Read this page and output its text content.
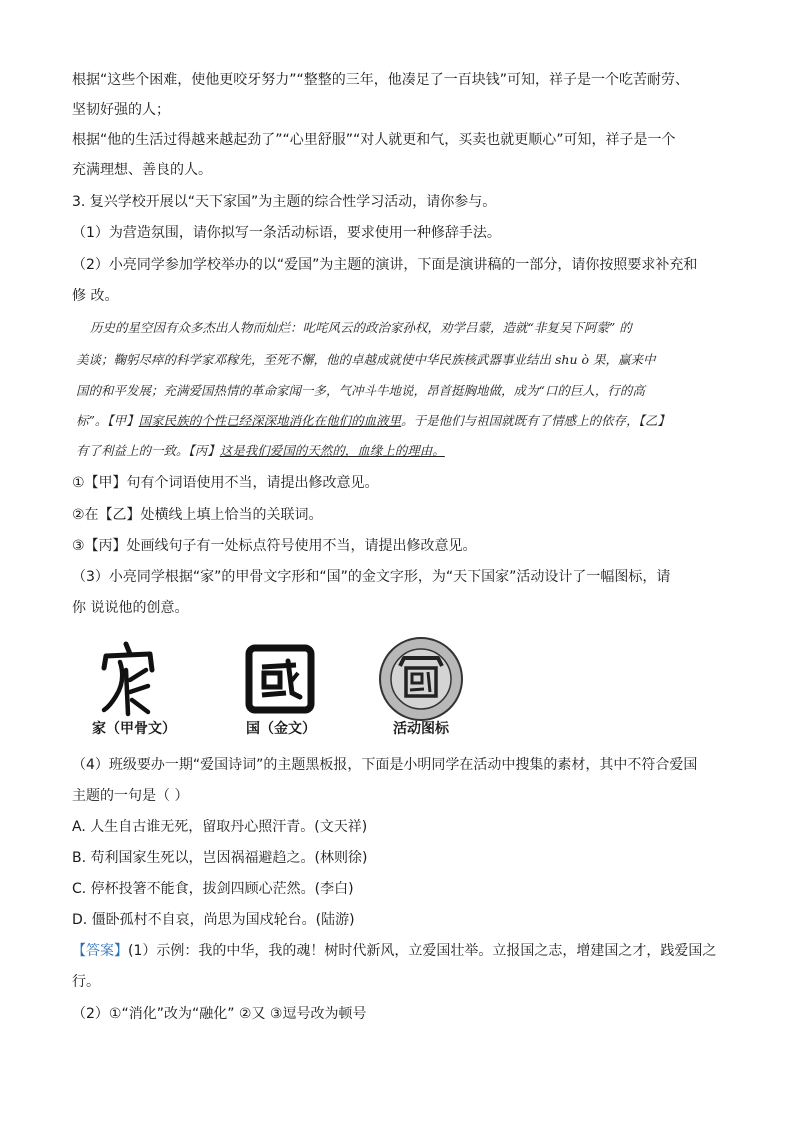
根据“这些个困难，使他更咬牙努力”“整整的三年，他凑足了一百块钱”可知，祥子是一个吃苦耐劳、
坚韧好强的人；
根据“他的生活过得越来越起劲了”“心里舒服”“对人就更和气，买卖也就更顺心”可知，祥子是一个
充满理想、善良的人。
3. 复兴学校开展以“天下家国”为主题的综合性学习活动，请你参与。
（1）为营造氛围，请你拟写一条活动标语，要求使用一种修辞手法。
（2）小亮同学参加学校举办的以“爱国”为主题的演讲，下面是演讲稿的一部分，请你按照要求补充和
修 改。
历史的星空因有众多杰出人物而灿烂：叱咤风云的政治家孙权，劝学吕蒙，造就“非复吴下阿蒙” 的
美谈；鞠躬尽瘁的科学家邓稼先，至死不懈，他的卓越成就使中华民族核武器事业结出 shu ò 果，赢来中
国的和平发展；充满爱国热情的革命家闻一多，气冲斗牛地说，昂首挺胸地做，成为“口的巨人，行的高
标”。【甲】国家民族的个性已经深深地消化在他们的血液里。于是他们与祖国就既有了情感上的依存，【乙】
有了利益上的一致。【丙】这是我们爱国的天然的，血缘上的理由。
①【甲】句有个词语使用不当，请提出修改意见。
②在【乙】处横线上填上恰当的关联词。
③【丙】处画线句子有一处标点符号使用不当，请提出修改意见。
（3）小亮同学根据“家”的甲骨文字形和“国”的金文字形，为“天下国家”活动设计了一幅图标，请
你 说说他的创意。
家（甲骨文）	国（金文）	活动图标
（4）班级要办一期“爱国诗词”的主题黑板报，下面是小明同学在活动中搜集的素材，其中不符合爱国
主题的一句是（ ）
A. 人生自古谁无死，留取丹心照汗青。(文天祥)
B. 苟利国家生死以，岂因祸福避趋之。(林则徐)
C. 停杯投箸不能食，拔剑四顾心茫然。(李白)
D. 僵卧孤村不自哀，尚思为国戍轮台。(陆游)
【答案】(1）示例：我的中华，我的魂！树时代新风，立爱国壮举。立报国之志，增建国之才，践爱国之
行。
（2）①“消化”改为“融化” ②又 ③逗号改为顿号
